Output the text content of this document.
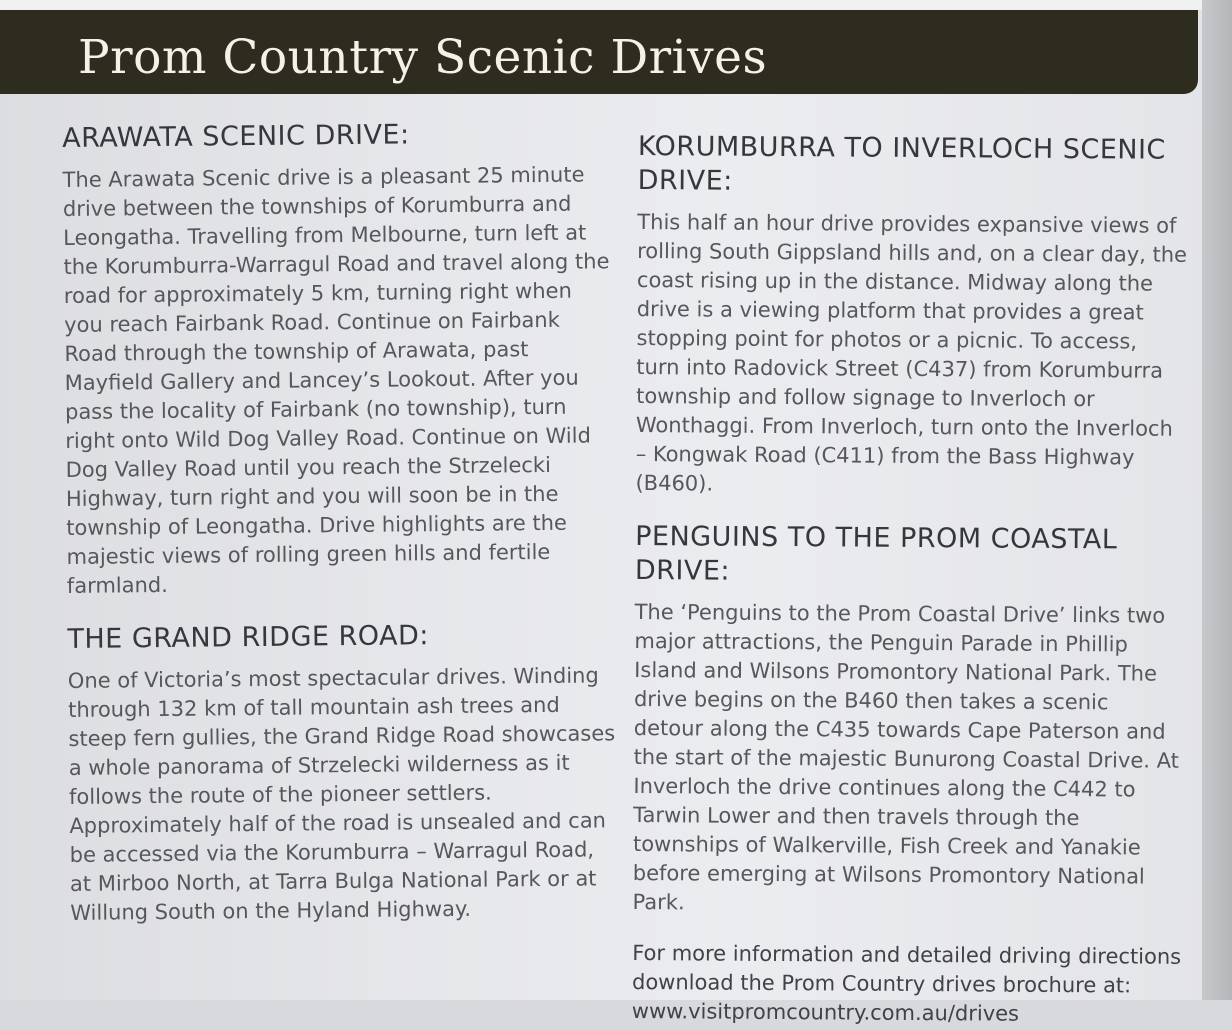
Prom Country Scenic Drives
ARAWATA SCENIC DRIVE:

The Arawata Scenic drive is a pleasant 25 minute drive between the townships of Korumburra and Leongatha. Travelling from Melbourne, turn left at the Korumburra-Warragul Road and travel along the road for approximately 5 km, turning right when you reach Fairbank Road. Continue on Fairbank Road through the township of Arawata, past Mayfield Gallery and Lancey’s Lookout. After you pass the locality of Fairbank (no township), turn right onto Wild Dog Valley Road. Continue on Wild Dog Valley Road until you reach the Strzelecki Highway, turn right and you will soon be in the township of Leongatha. Drive highlights are the majestic views of rolling green hills and fertile farmland.

THE GRAND RIDGE ROAD:

One of Victoria’s most spectacular drives. Winding through 132 km of tall mountain ash trees and steep fern gullies, the Grand Ridge Road showcases a whole panorama of Strzelecki wilderness as it follows the route of the pioneer settlers. Approximately half of the road is unsealed and can be accessed via the Korumburra – Warragul Road, at Mirboo North, at Tarra Bulga National Park or at Willung South on the Hyland Highway.

KORUMBURRA TO INVERLOCH SCENIC DRIVE:

This half an hour drive provides expansive views of rolling South Gippsland hills and, on a clear day, the coast rising up in the distance. Midway along the drive is a viewing platform that provides a great stopping point for photos or a picnic. To access, turn into Radovick Street (C437) from Korumburra township and follow signage to Inverloch or Wonthaggi. From Inverloch, turn onto the Inverloch – Kongwak Road (C411) from the Bass Highway (B460).

PENGUINS TO THE PROM COASTAL DRIVE:

The ‘Penguins to the Prom Coastal Drive’ links two major attractions, the Penguin Parade in Phillip Island and Wilsons Promontory National Park. The drive begins on the B460 then takes a scenic detour along the C435 towards Cape Paterson and the start of the majestic Bunurong Coastal Drive. At Inverloch the drive continues along the C442 to Tarwin Lower and then travels through the townships of Walkerville, Fish Creek and Yanakie before emerging at Wilsons Promontory National Park.

For more information and detailed driving directions
download the Prom Country drives brochure at:
www.visitpromcountry.com.au/drives
